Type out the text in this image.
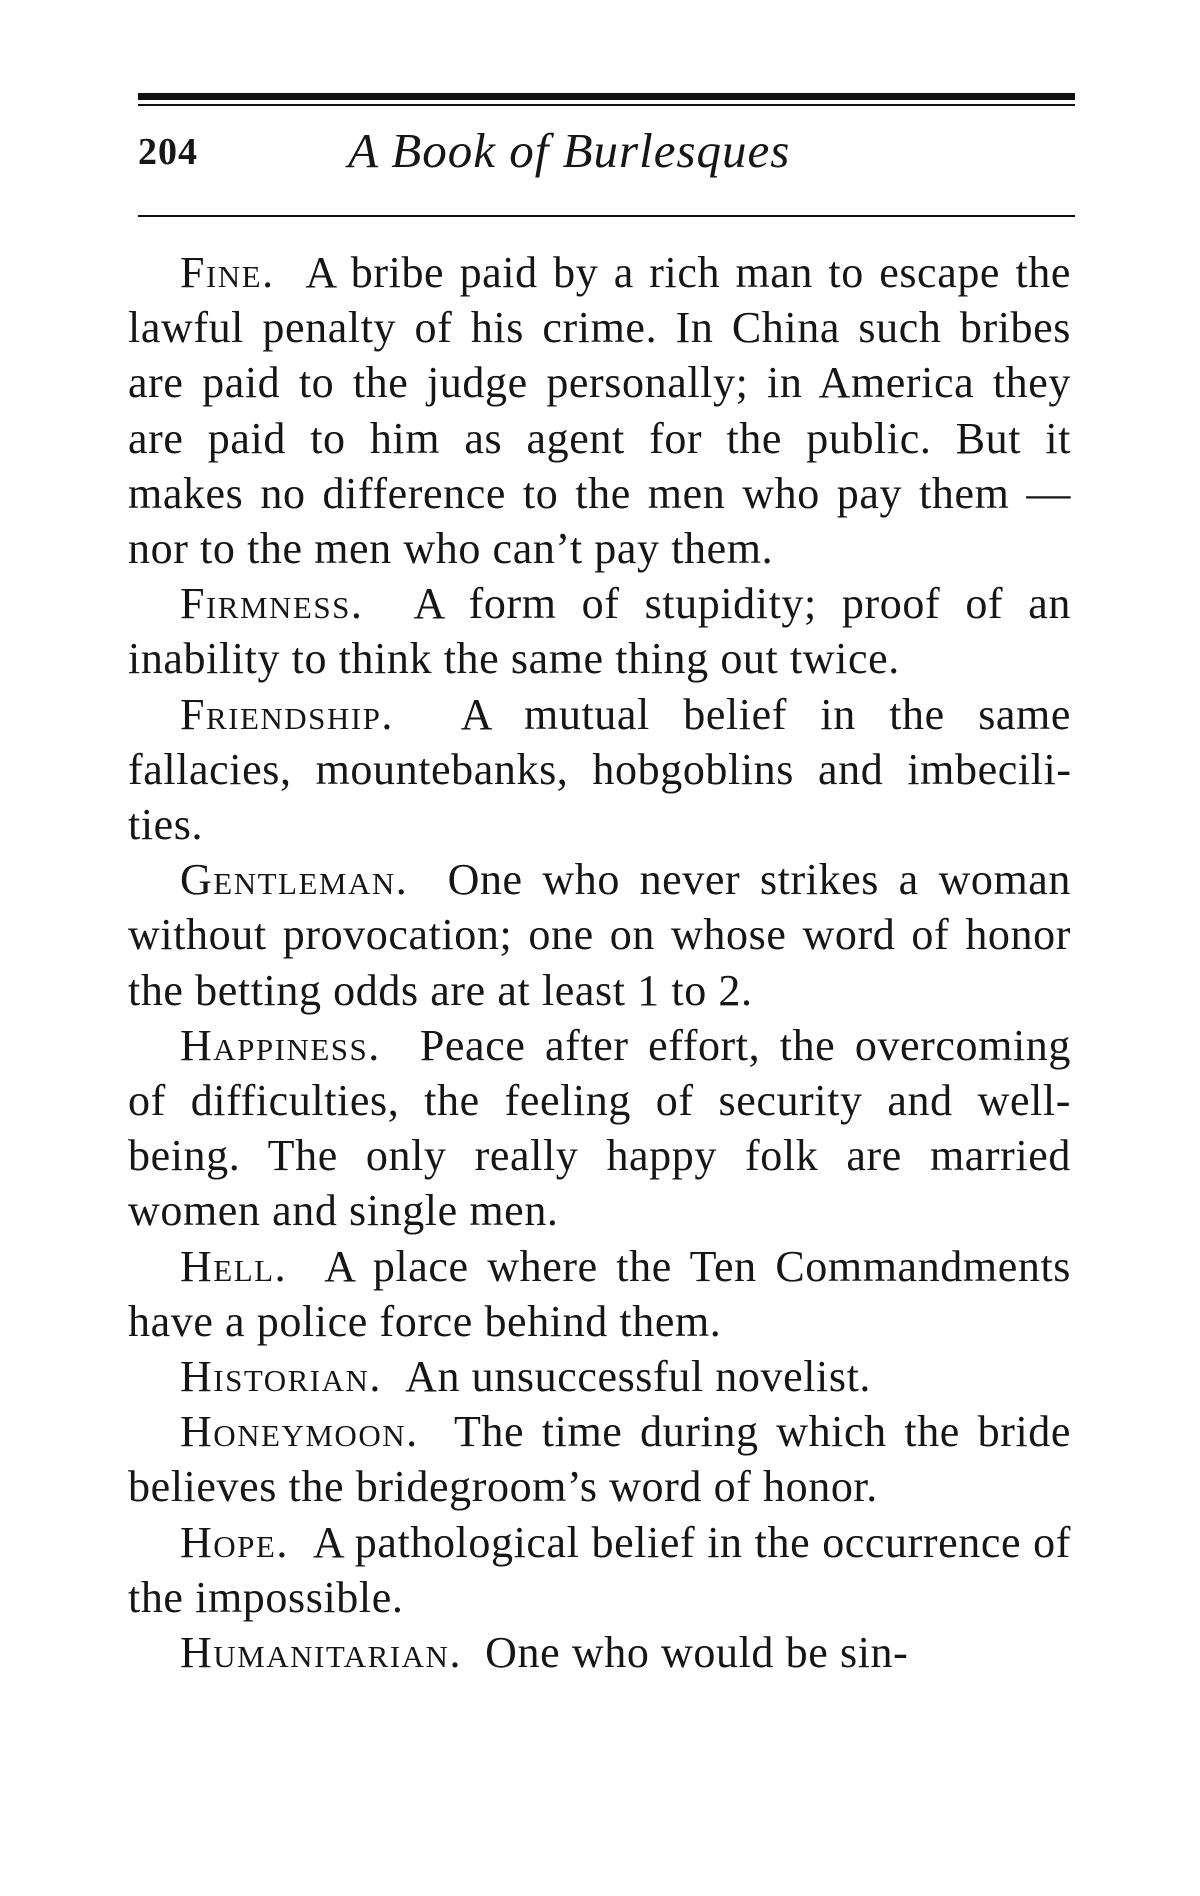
204	A Book of Burlesques

Fine. A bribe paid by a rich man to escape the lawful penalty of his crime. In China such bribes are paid to the judge personally; in America they are paid to him as agent for the public. But it makes no difference to the men who pay them — nor to the men who can’t pay them.

Firmness. A form of stupidity; proof of an inability to think the same thing out twice.

Friendship. A mutual belief in the same fallacies, mountebanks, hobgoblins and imbecilities.

Gentleman. One who never strikes a woman without provocation; one on whose word of honor the betting odds are at least 1 to 2.

Happiness. Peace after effort, the overcoming of difficulties, the feeling of security and well-being. The only really happy folk are married women and single men.

Hell. A place where the Ten Commandments have a police force behind them.

Historian. An unsuccessful novelist.

Honeymoon. The time during which the bride believes the bridegroom’s word of honor.

Hope. A pathological belief in the occurrence of the impossible.

Humanitarian. One who would be sin-
